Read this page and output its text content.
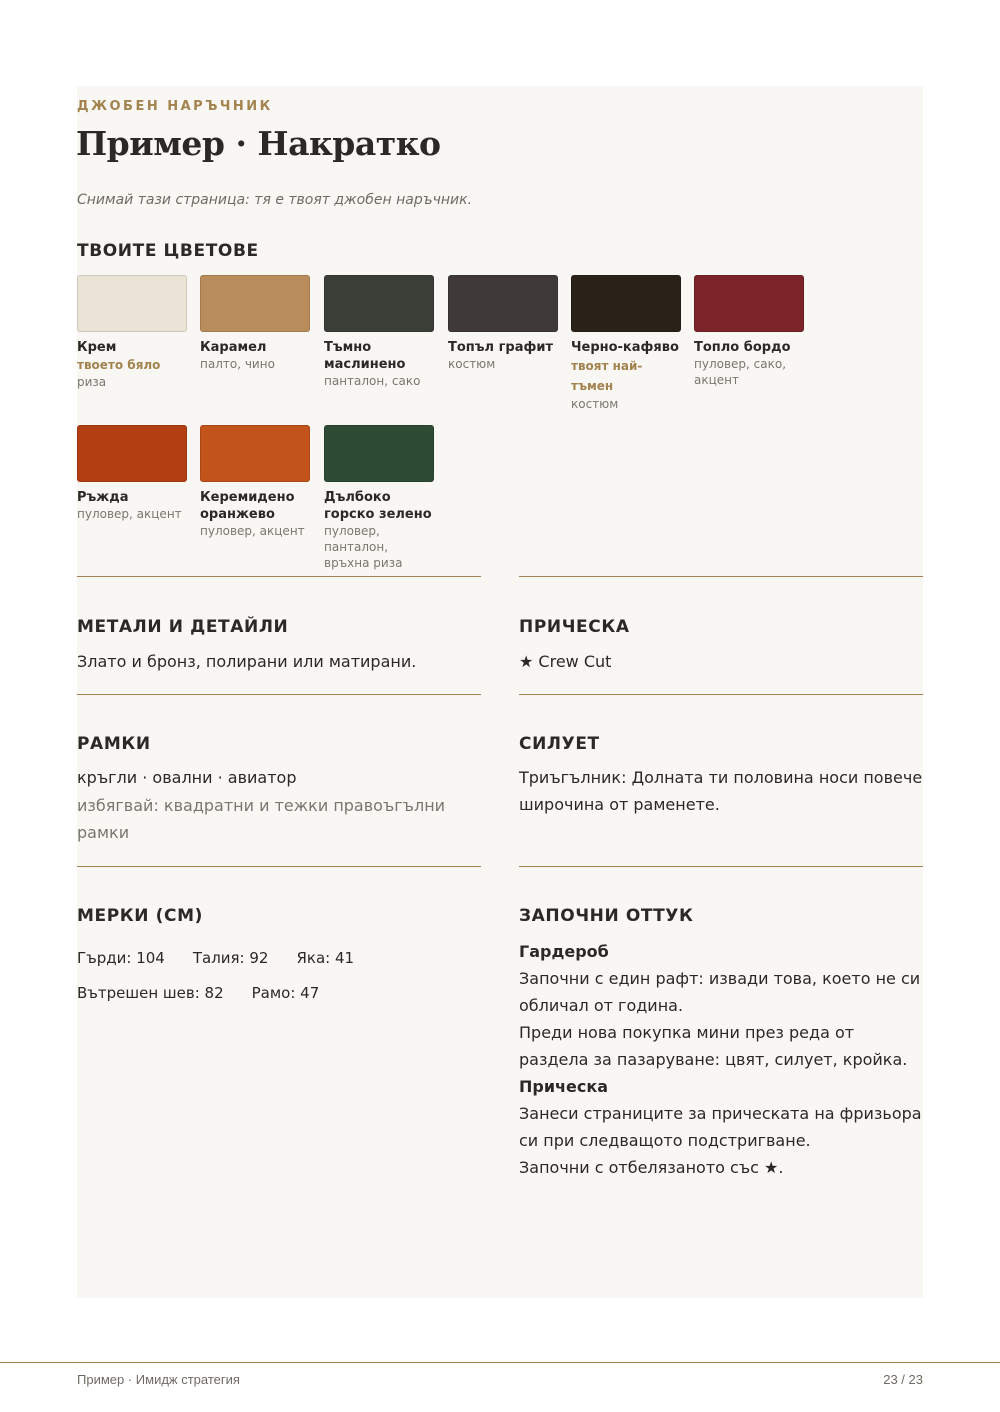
ДЖОБЕН НАРЪЧНИК
Пример · Накратко
Снимай тази страница: тя е твоят джобен наръчник.
ТВОИТЕ ЦВЕТОВЕ
Крем
твоето бяло
риза
Карамел
палто, чино
Тъмно маслинено
панталон, сако
Топъл графит
костюм
Черно-кафяво
твоят най-тъмен
костюм
Топло бордо
пуловер, сако, акцент
Ръжда
пуловер, акцент
Керемидено оранжево
пуловер, акцент
Дълбоко горско зелено
пуловер, панталон, връхна риза
МЕТАЛИ И ДЕТАЙЛИ
Злато и бронз, полирани или матирани.
ПРИЧЕСКА
★ Crew Cut
РАМКИ
кръгли · овални · авиатор
избягвай: квадратни и тежки правоъгълни рамки
СИЛУЕТ
Триъгълник: Долната ти половина носи повече широчина от раменете.
МЕРКИ (СМ)
Гърди: 104 Талия: 92 Яка: 41
Вътрешен шев: 82 Рамо: 47
ЗАПОЧНИ ОТТУК
Гардероб
Започни с един рафт: извади това, което не си обличал от година.
Преди нова покупка мини през реда от раздела за пазаруване: цвят, силует, кройка.
Прическа
Занеси страниците за прическата на фризьора си при следващото подстригване.
Започни с отбелязаното със ★.
Пример · Имидж стратегия	23 / 23
